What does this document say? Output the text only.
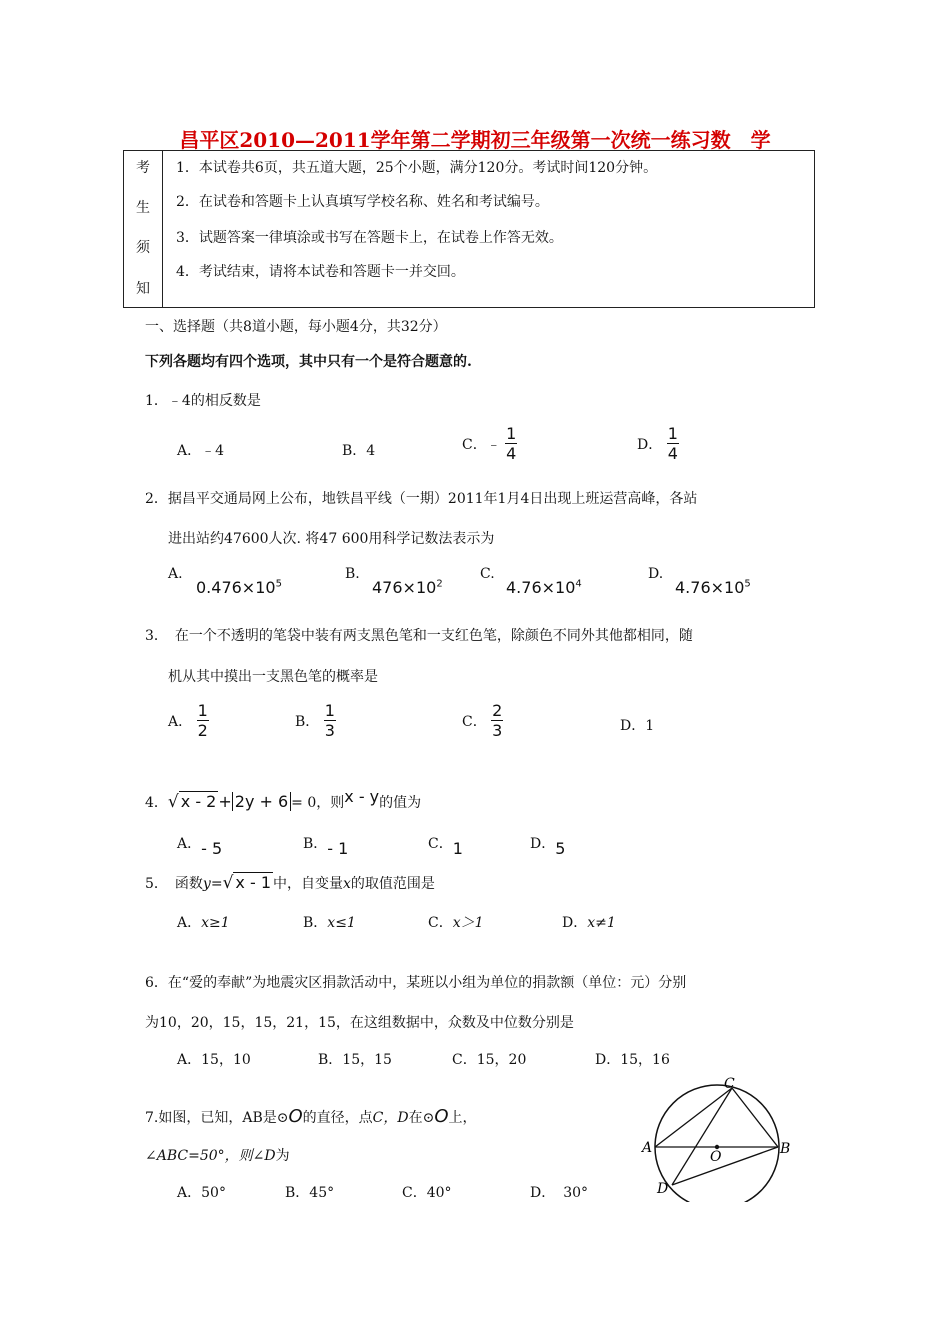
昌平区2010—2011学年第二学期初三年级第一次统一练习数　学
考
生
须
知
1．本试卷共6页，共五道大题，25个小题，满分120分。考试时间120分钟。
2．在试卷和答题卡上认真填写学校名称、姓名和考试编号。
3．试题答案一律填涂或书写在答题卡上，在试卷上作答无效。
4．考试结束，请将本试卷和答题卡一并交回。
一、选择题（共8道小题，每小题4分，共32分）
下列各题均有四个选项，其中只有一个是符合题意的.
1．﹣4的相反数是
A．﹣4	B．4	C．﹣ $\frac{1}{4}$	D． $\frac{1}{4}$
2．据昌平交通局网上公布，地铁昌平线（一期）2011年1月4日出现上班运营高峰，各站
进出站约47600人次. 将47 600用科学记数法表示为
A.
$0.476\times 10^5$
B.
$476\times 10^2$
C.
$4.76\times 10^4$
D.
$4.76\times 10^5$
3．　在一个不透明的笔袋中装有两支黑色笔和一支红色笔，除颜色不同外其他都相同，随
机从其中摸出一支黑色笔的概率是
A． $\frac{1}{2}$	B． $\frac{1}{3}$	C． $\frac{2}{3}$	D．1
4．√ x - 2 + 2y + 6 = 0，则x - y的值为
A．- 5	B．- 1	C．1	D．5
5．　函数y=√ x - 1 中，自变量x的取值范围是
A．x≥1	B．x≤1	C．x＞1	D．x≠1
6．在“爱的奉献”为地震灾区捐款活动中，某班以小组为单位的捐款额（单位：元）分别
为10，20，15，15，21，15，在这组数据中，众数及中位数分别是
A．15，10	B．15，15	C．15，20	D．15，16
7.如图，已知，AB是⊙O的直径，点C，D在⊙O上，
∠ABC=50°，则∠D为
A．50°	B．45°	C．40°	D． 30°
C
A	B
O
D
